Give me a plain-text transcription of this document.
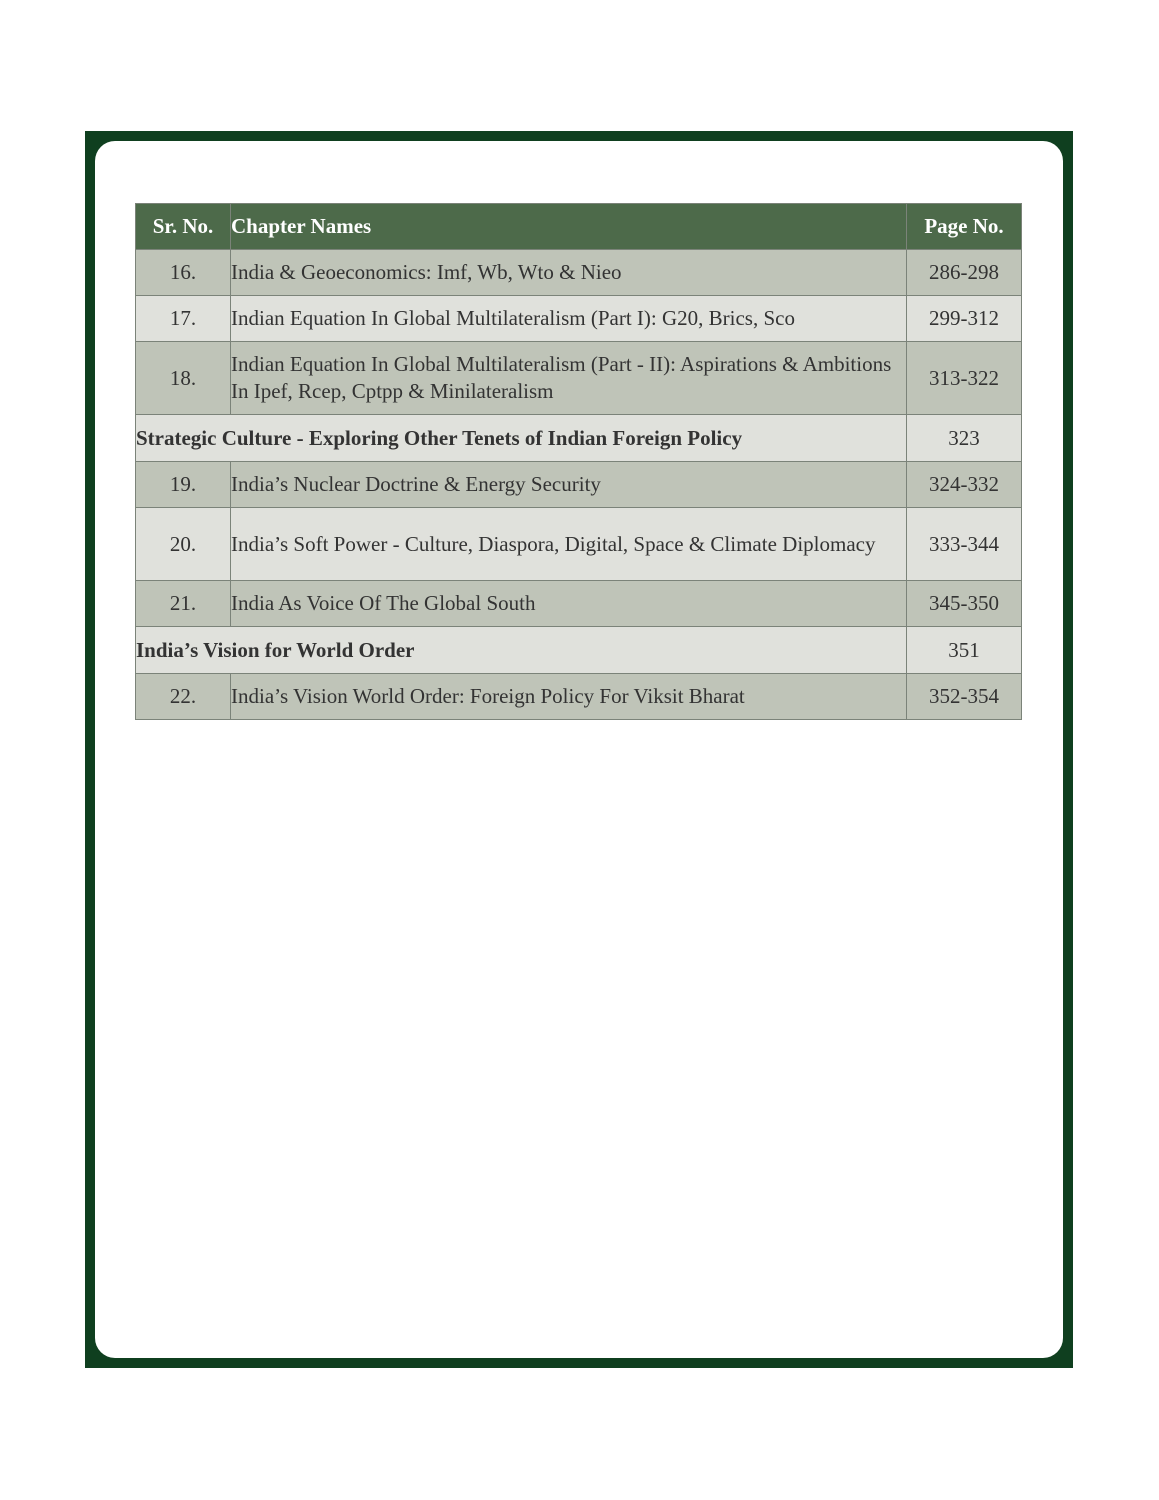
Sr. No.	Chapter Names	Page No.
16.	India & Geoeconomics: Imf, Wb, Wto & Nieo	286-298
17.	Indian Equation In Global Multilateralism (Part I): G20, Brics, Sco	299-312
18.	Indian Equation In Global Multilateralism (Part - II): Aspirations & Ambitions In Ipef, Rcep, Cptpp & Minilateralism	313-322
Strategic Culture - Exploring Other Tenets of Indian Foreign Policy		323
19.	India’s Nuclear Doctrine & Energy Security	324-332
20.	India’s Soft Power - Culture, Diaspora, Digital, Space & Climate Diplomacy	333-344
21.	India As Voice Of The Global South	345-350
India’s Vision for World Order		351
22.	India’s Vision World Order: Foreign Policy For Viksit Bharat	352-354
